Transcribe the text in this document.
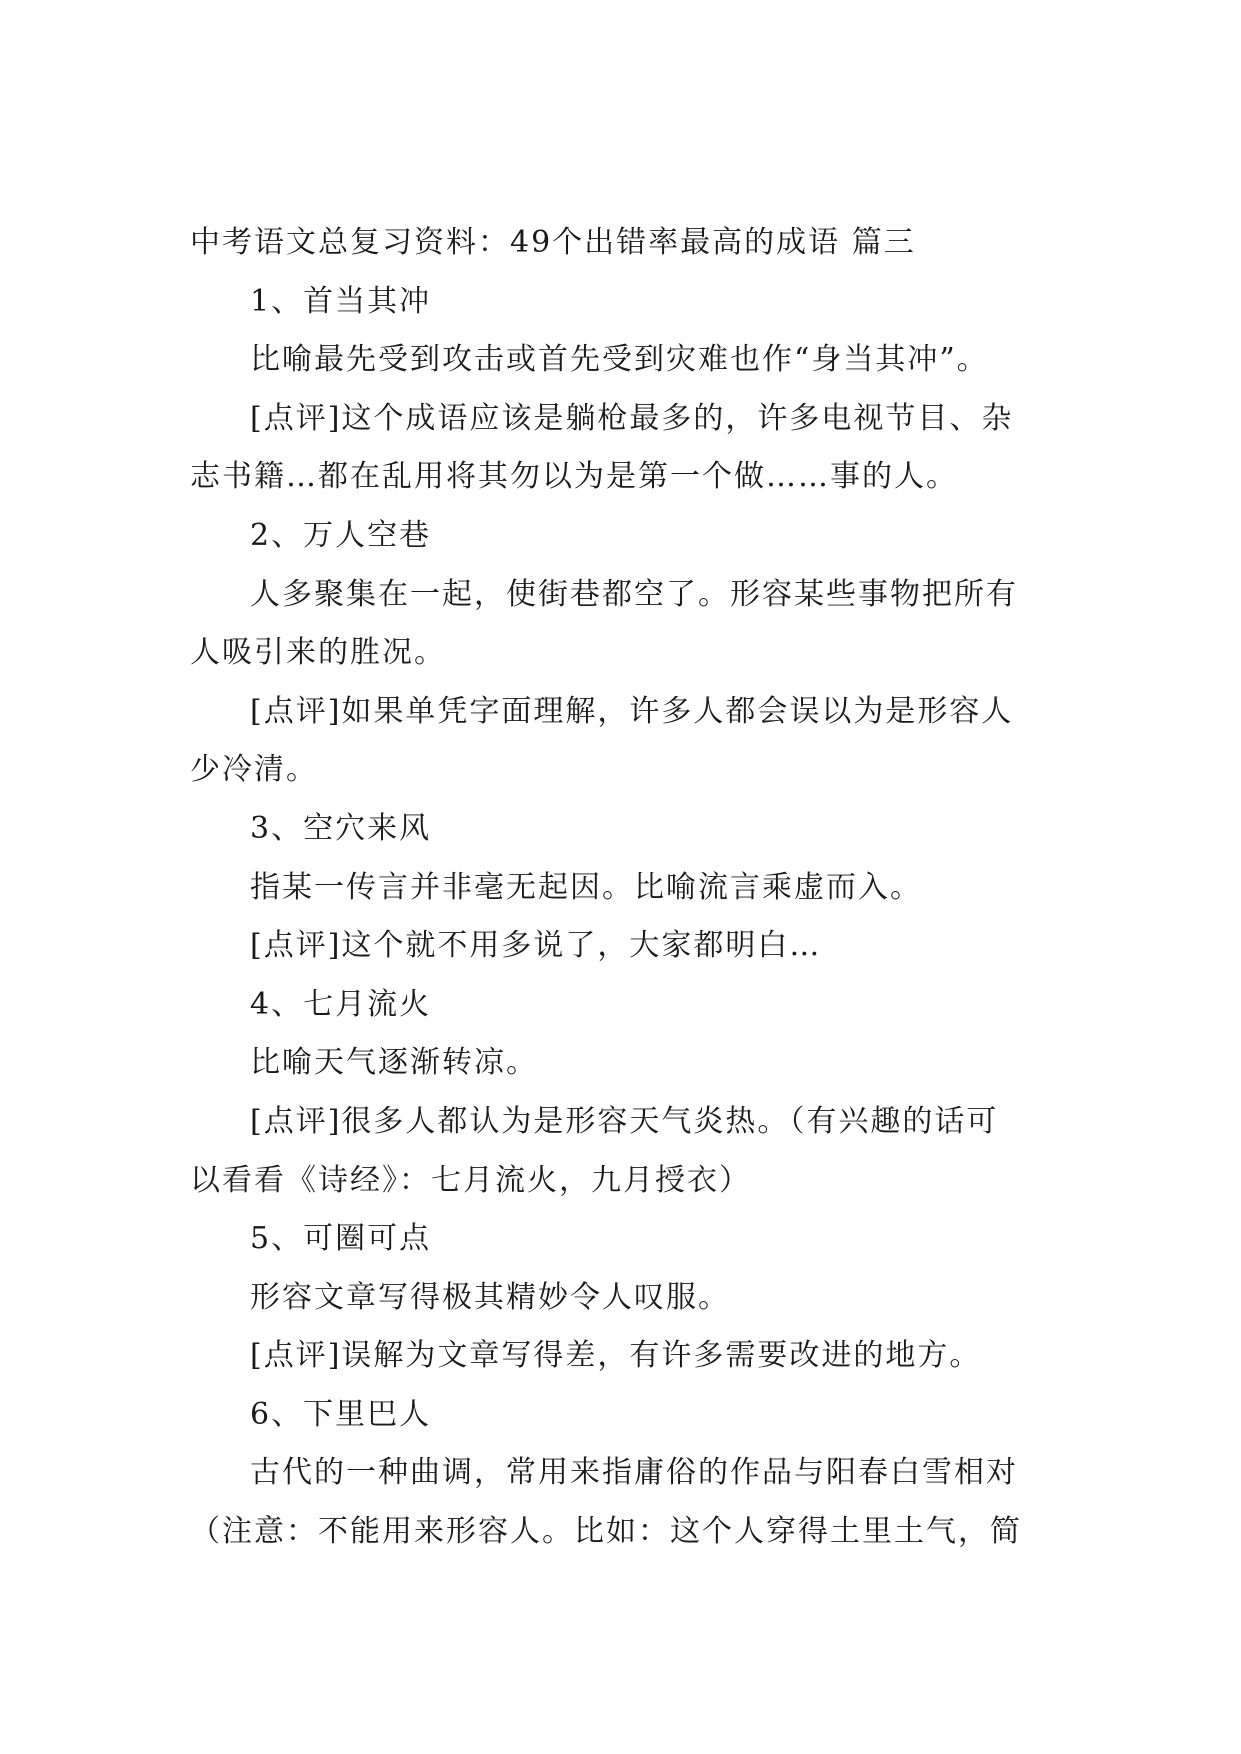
中考语文总复习资料：49个出错率最高的成语 篇三
1、首当其冲
比喻最先受到攻击或首先受到灾难也作“身当其冲”。
[点评]这个成语应该是躺枪最多的，许多电视节目、杂
志书籍…都在乱用将其勿以为是第一个做……事的人。
2、万人空巷
人多聚集在一起，使街巷都空了。形容某些事物把所有
人吸引来的胜况。
[点评]如果单凭字面理解，许多人都会误以为是形容人
少冷清。
3、空穴来风
指某一传言并非毫无起因。比喻流言乘虚而入。
[点评]这个就不用多说了，大家都明白…
4、七月流火
比喻天气逐渐转凉。
[点评]很多人都认为是形容天气炎热。（有兴趣的话可
以看看《诗经》：七月流火，九月授衣）
5、可圈可点
形容文章写得极其精妙令人叹服。
[点评]误解为文章写得差，有许多需要改进的地方。
6、下里巴人
古代的一种曲调，常用来指庸俗的作品与阳春白雪相对
（注意：不能用来形容人。比如：这个人穿得土里土气，简
